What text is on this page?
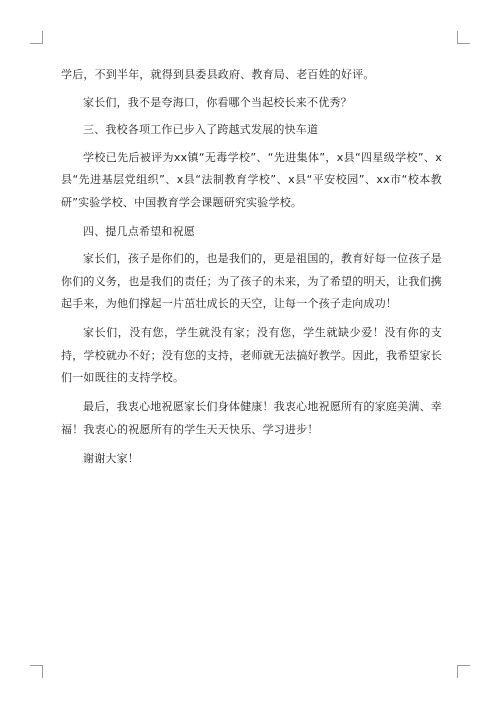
学后，不到半年，就得到县委县政府、教育局、老百姓的好评。

家长们，我不是夸海口，你看哪个当起校长来不优秀？

三、我校各项工作已步入了跨越式发展的快车道

学校已先后被评为xx镇“无毒学校”、“先进集体”，x县“四星级学校”、x县“先进基层党组织”、x县“法制教育学校”、x县“平安校园”、xx市“校本教研”实验学校、中国教育学会课题研究实验学校。

四、提几点希望和祝愿

家长们，孩子是你们的，也是我们的，更是祖国的，教育好每一位孩子是你们的义务，也是我们的责任；为了孩子的未来，为了希望的明天，让我们携起手来，为他们撑起一片茁壮成长的天空，让每一个孩子走向成功！

家长们，没有您，学生就没有家；没有您，学生就缺少爱！没有你的支持，学校就办不好；没有您的支持，老师就无法搞好教学。因此，我希望家长们一如既往的支持学校。

最后，我衷心地祝愿家长们身体健康！我衷心地祝愿所有的家庭美满、幸福！我衷心的祝愿所有的学生天天快乐、学习进步！

谢谢大家！
